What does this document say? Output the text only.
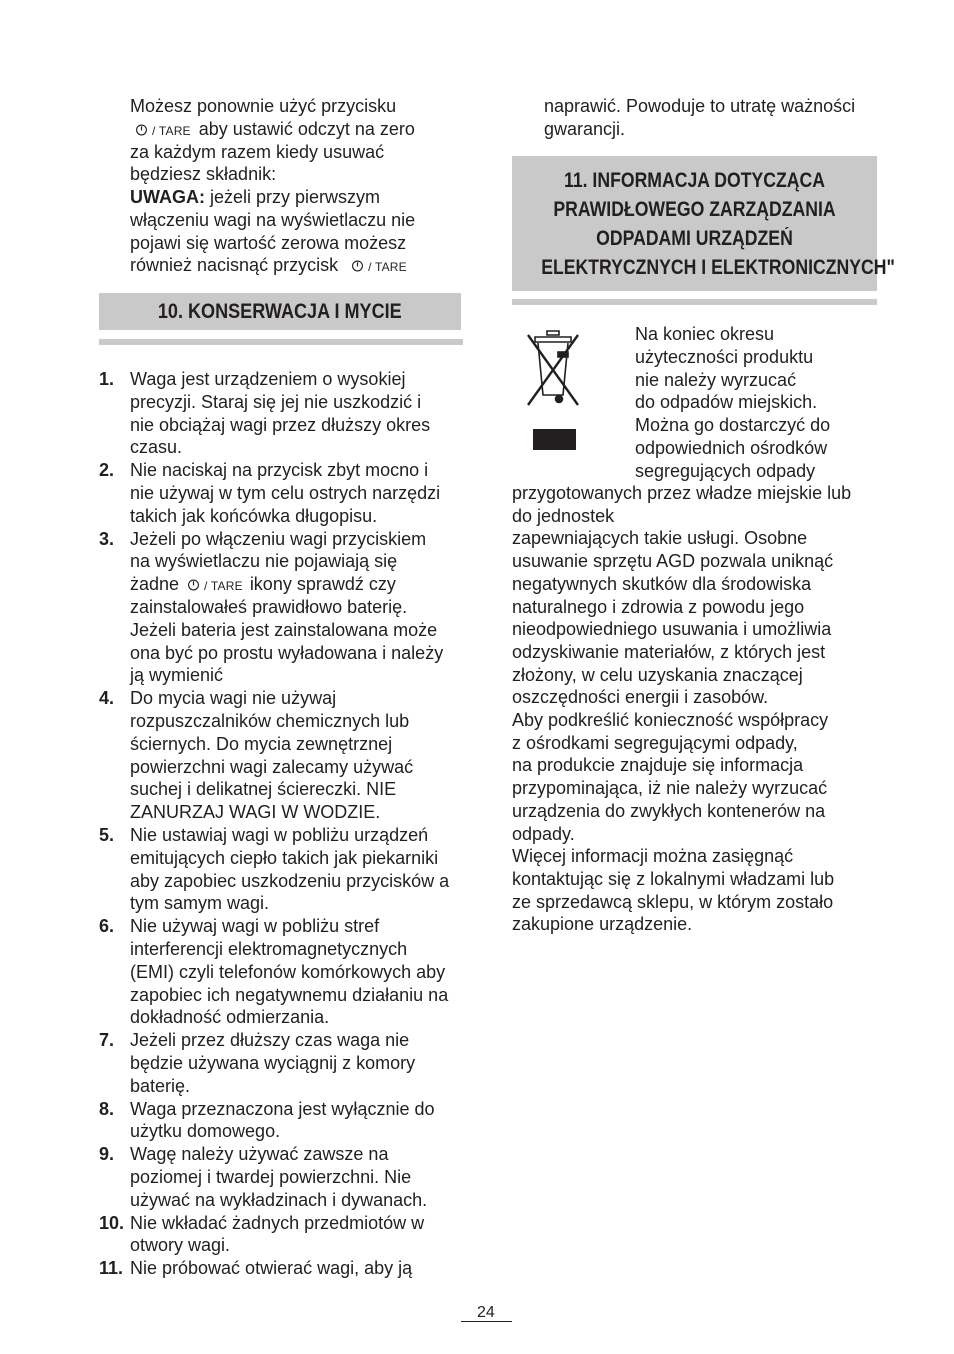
Możesz ponownie użyć przycisku
/ TARE aby ustawić odczyt na zero
za każdym razem kiedy usuwać
będziesz składnik:
UWAGA: jeżeli przy pierwszym
włączeniu wagi na wyświetlaczu nie
pojawi się wartość zerowa możesz
również nacisnąć przycisk	/ TARE
10. KONSERWACJA I MYCIE
1. Waga jest urządzeniem o wysokiej
precyzji. Staraj się jej nie uszkodzić i
nie obciążaj wagi przez dłuższy okres
czasu.
2. Nie naciskaj na przycisk zbyt mocno i
nie używaj w tym celu ostrych narzędzi
takich jak końcówka długopisu.
3. Jeżeli po włączeniu wagi przyciskiem
na wyświetlaczu nie pojawiają się
żadne / TARE ikony sprawdź czy
zainstalowałeś prawidłowo baterię.
Jeżeli bateria jest zainstalowana może
ona być po prostu wyładowana i należy
ją wymienić
4. Do mycia wagi nie używaj
rozpuszczalników chemicznych lub
ściernych. Do mycia zewnętrznej
powierzchni wagi zalecamy używać
suchej i delikatnej ściereczki. NIE
ZANURZAJ WAGI W WODZIE.
5. Nie ustawiaj wagi w pobliżu urządzeń
emitujących ciepło takich jak piekarniki
aby zapobiec uszkodzeniu przycisków a
tym samym wagi.
6. Nie używaj wagi w pobliżu stref
interferencji elektromagnetycznych
(EMI) czyli telefonów komórkowych aby
zapobiec ich negatywnemu działaniu na
dokładność odmierzania.
7. Jeżeli przez dłuższy czas waga nie
będzie używana wyciągnij z komory
baterię.
8. Waga przeznaczona jest wyłącznie do
użytku domowego.
9. Wagę należy używać zawsze na
poziomej i twardej powierzchni. Nie
używać na wykładzinach i dywanach.
10. Nie wkładać żadnych przedmiotów w
otwory wagi.
11. Nie próbować otwierać wagi, aby ją
naprawić. Powoduje to utratę ważności
gwarancji.
11. INFORMACJA DOTYCZĄCA
PRAWIDŁOWEGO ZARZĄDZANIA
ODPADAMI URZĄDZEŃ
ELEKTRYCZNYCH I ELEKTRONICZNYCH"
Na koniec okresu
użyteczności produktu
nie należy wyrzucać
do odpadów miejskich.
Można go dostarczyć do
odpowiednich ośrodków
segregujących odpady
przygotowanych przez władze miejskie lub
do jednostek
zapewniających takie usługi. Osobne
usuwanie sprzętu AGD pozwala uniknąć
negatywnych skutków dla środowiska
naturalnego i zdrowia z powodu jego
nieodpowiedniego usuwania i umożliwia
odzyskiwanie materiałów, z których jest
złożony, w celu uzyskania znaczącej
oszczędności energii i zasobów.
Aby podkreślić konieczność współpracy
z ośrodkami segregującymi odpady,
na produkcie znajduje się informacja
przypominająca, iż nie należy wyrzucać
urządzenia do zwykłych kontenerów na
odpady.
Więcej informacji można zasięgnąć
kontaktując się z lokalnymi władzami lub
ze sprzedawcą sklepu, w którym zostało
zakupione urządzenie.
24
